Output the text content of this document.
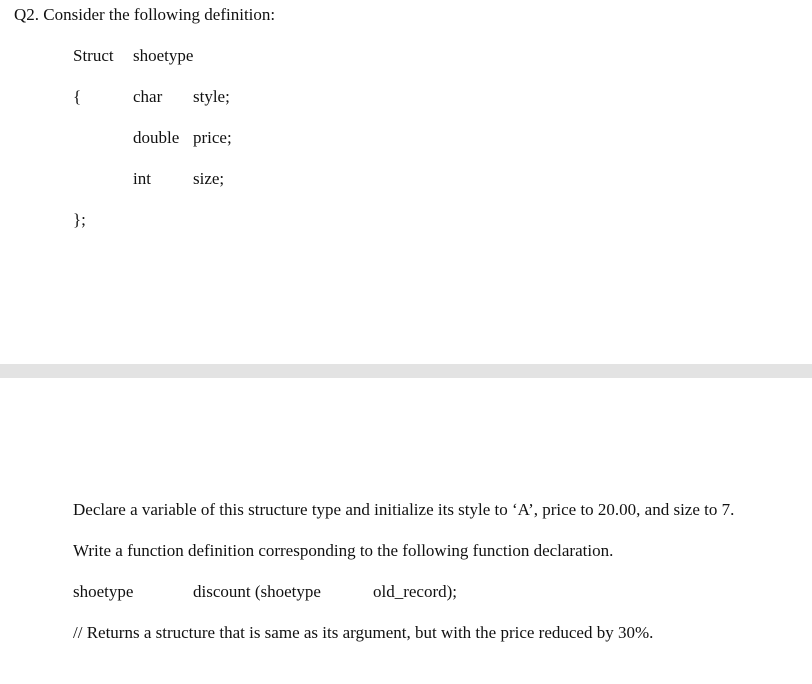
Q2. Consider the following definition:
Struct shoetype
{	char style;
double price;
int size;
};
Declare a variable of this structure type and initialize its style to ‘A’, price to 20.00, and size to 7.
Write a function definition corresponding to the following function declaration.
shoetype	discount (shoetype	old_record);
// Returns a structure that is same as its argument, but with the price reduced by 30%.
